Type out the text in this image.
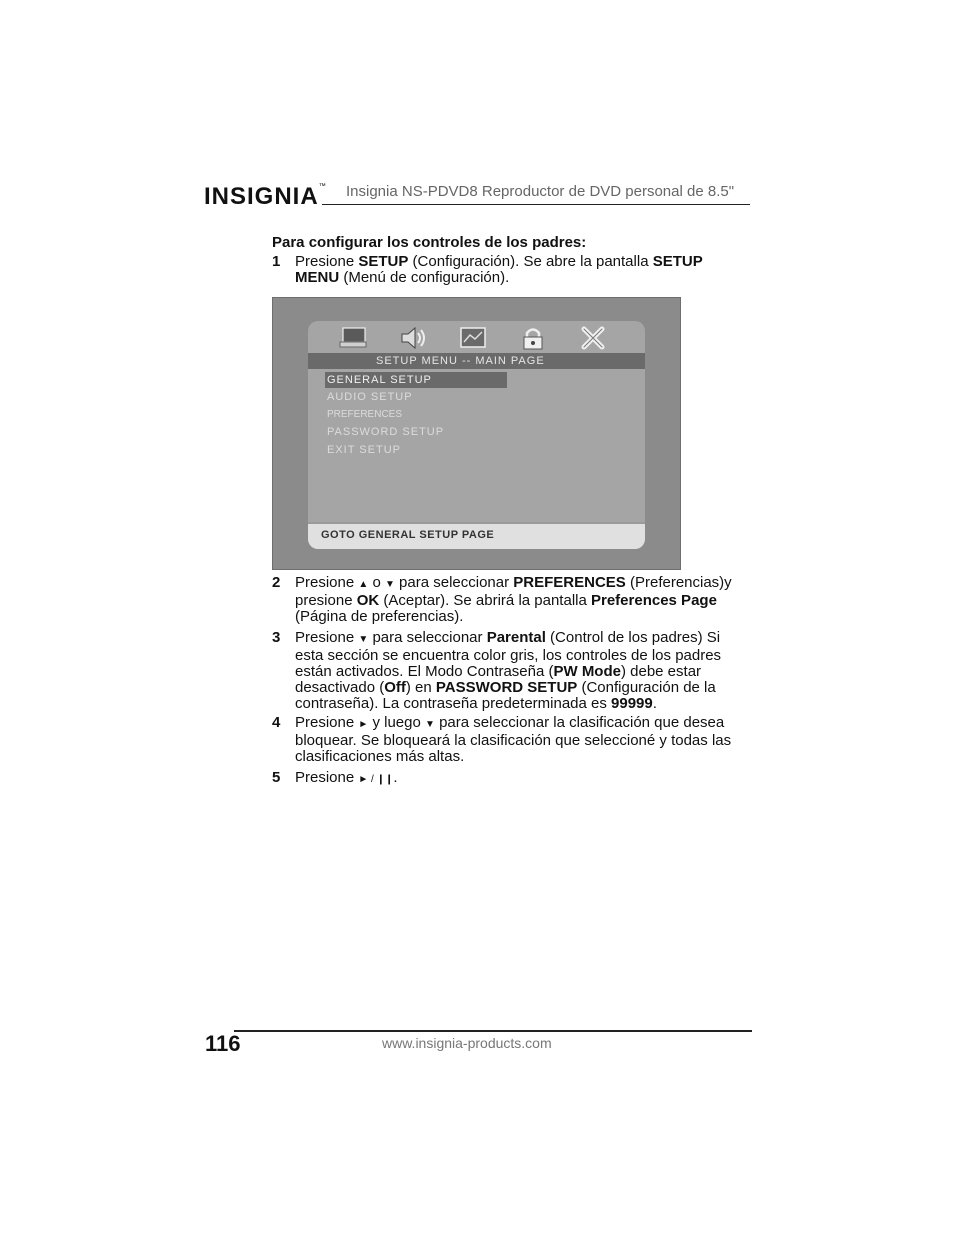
INSIGNIA™ Insignia NS-PDVD8 Reproductor de DVD personal de 8.5"
Para configurar los controles de los padres:
1 Presione SETUP (Configuración). Se abre la pantalla SETUP MENU (Menú de configuración).
SETUP MENU -- MAIN PAGE
GENERAL SETUP
AUDIO SETUP
PREFERENCES
PASSWORD SETUP
EXIT SETUP
GOTO GENERAL SETUP PAGE
2 Presione ▲ o ▼ para seleccionar PREFERENCES (Preferencias)y presione OK (Aceptar). Se abrirá la pantalla Preferences Page (Página de preferencias).
3 Presione ▼ para seleccionar Parental (Control de los padres) Si esta sección se encuentra color gris, los controles de los padres están activados. El Modo Contraseña (PW Mode) debe estar desactivado (Off) en PASSWORD SETUP (Configuración de la contraseña). La contraseña predeterminada es 99999.
4 Presione ► y luego ▼ para seleccionar la clasificación que desea bloquear. Se bloqueará la clasificación que seleccioné y todas las clasificaciones más altas.
5 Presione ► / ❙❙.
116	www.insignia-products.com
